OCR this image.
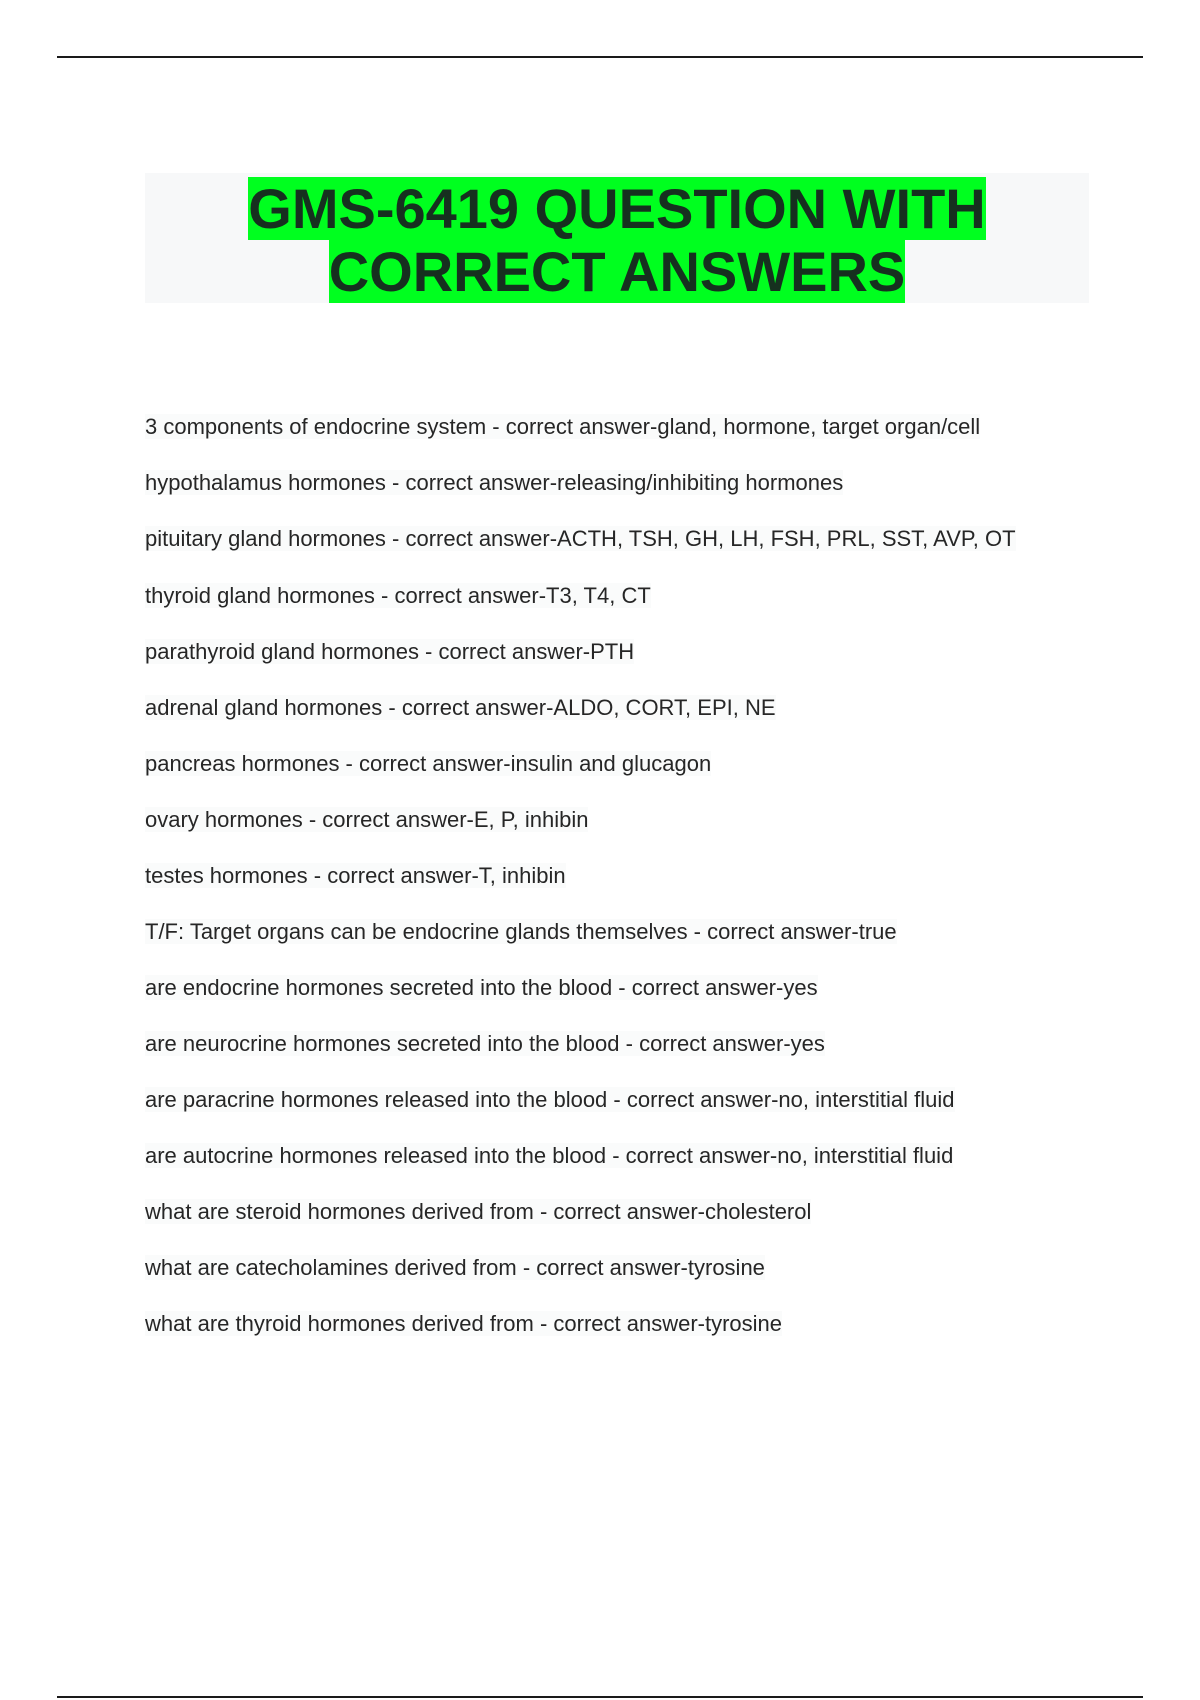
GMS-6419 QUESTION WITH CORRECT ANSWERS
3 components of endocrine system - correct answer-gland, hormone, target organ/cell
hypothalamus hormones - correct answer-releasing/inhibiting hormones
pituitary gland hormones - correct answer-ACTH, TSH, GH, LH, FSH, PRL, SST, AVP, OT
thyroid gland hormones - correct answer-T3, T4, CT
parathyroid gland hormones - correct answer-PTH
adrenal gland hormones - correct answer-ALDO, CORT, EPI, NE
pancreas hormones - correct answer-insulin and glucagon
ovary hormones - correct answer-E, P, inhibin
testes hormones - correct answer-T, inhibin
T/F: Target organs can be endocrine glands themselves - correct answer-true
are endocrine hormones secreted into the blood - correct answer-yes
are neurocrine hormones secreted into the blood - correct answer-yes
are paracrine hormones released into the blood - correct answer-no, interstitial fluid
are autocrine hormones released into the blood - correct answer-no, interstitial fluid
what are steroid hormones derived from - correct answer-cholesterol
what are catecholamines derived from - correct answer-tyrosine
what are thyroid hormones derived from - correct answer-tyrosine
